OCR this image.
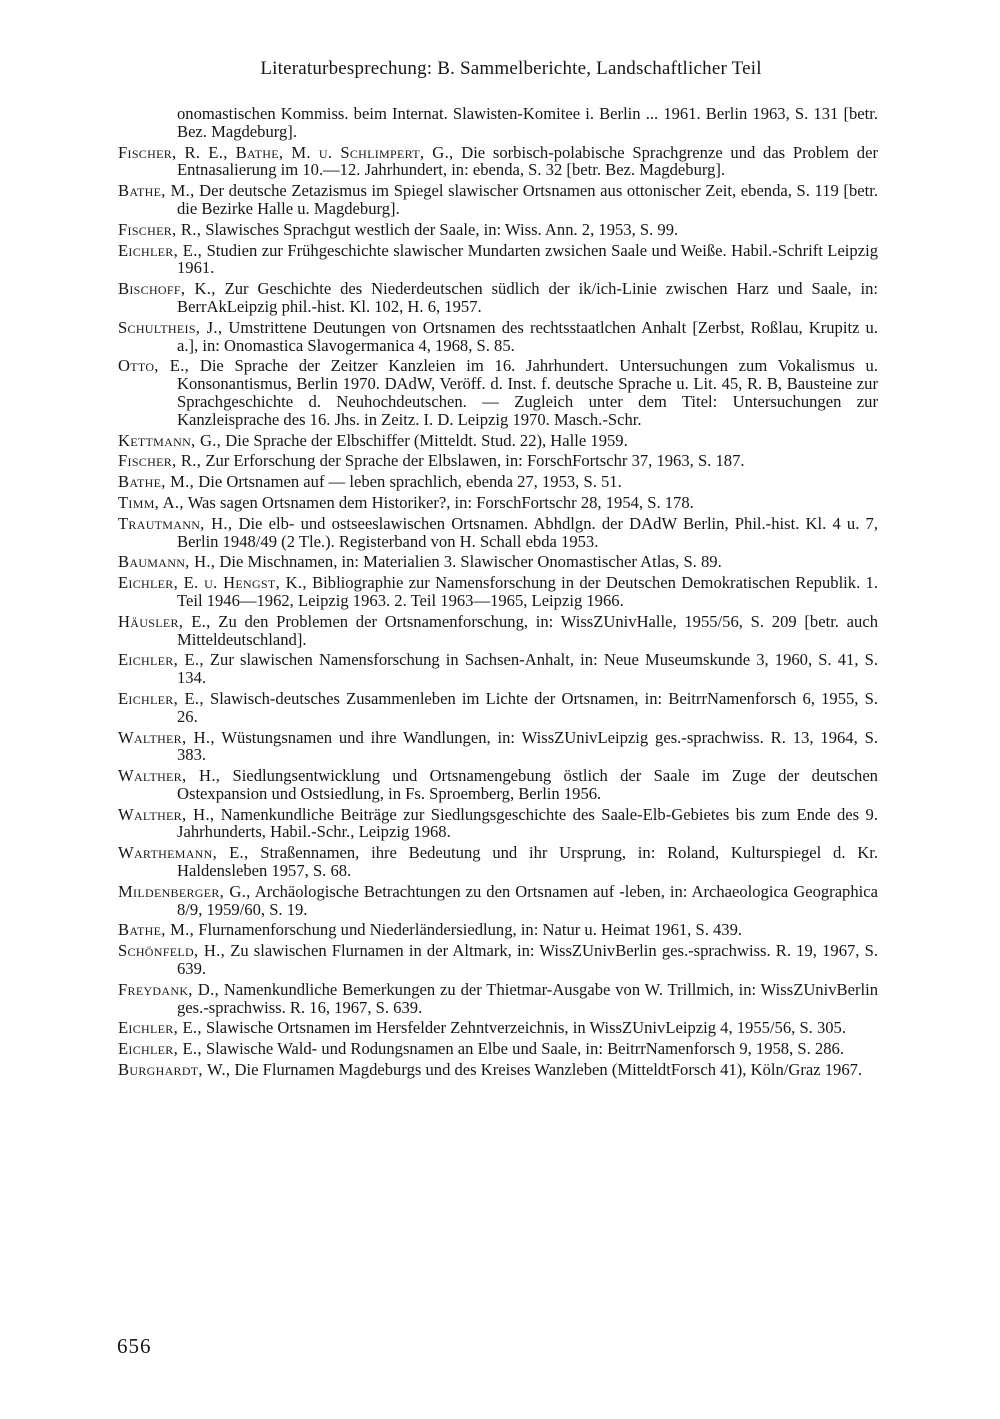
Literaturbesprechung: B. Sammelberichte, Landschaftlicher Teil
onomastischen Kommiss. beim Internat. Slawisten-Komitee i. Berlin ... 1961. Berlin 1963, S. 131 [betr. Bez. Magdeburg].
Fischer, R. E., Bathe, M. u. Schlimpert, G., Die sorbisch-polabische Sprachgrenze und das Problem der Entnasalierung im 10.—12. Jahrhundert, in: ebenda, S. 32 [betr. Bez. Magdeburg].
Bathe, M., Der deutsche Zetazismus im Spiegel slawischer Ortsnamen aus ottonischer Zeit, ebenda, S. 119 [betr. die Bezirke Halle u. Magdeburg].
Fischer, R., Slawisches Sprachgut westlich der Saale, in: Wiss. Ann. 2, 1953, S. 99.
Eichler, E., Studien zur Frühgeschichte slawischer Mundarten zwsichen Saale und Weiße. Habil.-Schrift Leipzig 1961.
Bischoff, K., Zur Geschichte des Niederdeutschen südlich der ik/ich-Linie zwischen Harz und Saale, in: BerrAkLeipzig phil.-hist. Kl. 102, H. 6, 1957.
Schultheis, J., Umstrittene Deutungen von Ortsnamen des rechtsstaatlchen Anhalt [Zerbst, Roßlau, Krupitz u. a.], in: Onomastica Slavogermanica 4, 1968, S. 85.
Otto, E., Die Sprache der Zeitzer Kanzleien im 16. Jahrhundert. Untersuchungen zum Vokalismus u. Konsonantismus, Berlin 1970. DAdW, Veröff. d. Inst. f. deutsche Sprache u. Lit. 45, R. B, Bausteine zur Sprachgeschichte d. Neuhochdeutschen. — Zugleich unter dem Titel: Untersuchungen zur Kanzleisprache des 16. Jhs. in Zeitz. I. D. Leipzig 1970. Masch.-Schr.
Kettmann, G., Die Sprache der Elbschiffer (Mitteldt. Stud. 22), Halle 1959.
Fischer, R., Zur Erforschung der Sprache der Elbslawen, in: ForschFortschr 37, 1963, S. 187.
Bathe, M., Die Ortsnamen auf — leben sprachlich, ebenda 27, 1953, S. 51.
Timm, A., Was sagen Ortsnamen dem Historiker?, in: ForschFortschr 28, 1954, S. 178.
Trautmann, H., Die elb- und ostseeslawischen Ortsnamen. Abhdlgn. der DAdW Berlin, Phil.-hist. Kl. 4 u. 7, Berlin 1948/49 (2 Tle.). Registerband von H. Schall ebda 1953.
Baumann, H., Die Mischnamen, in: Materialien 3. Slawischer Onomastischer Atlas, S. 89.
Eichler, E. u. Hengst, K., Bibliographie zur Namensforschung in der Deutschen Demokratischen Republik. 1. Teil 1946—1962, Leipzig 1963. 2. Teil 1963—1965, Leipzig 1966.
Häusler, E., Zu den Problemen der Ortsnamenforschung, in: WissZUnivHalle, 1955/56, S. 209 [betr. auch Mitteldeutschland].
Eichler, E., Zur slawischen Namensforschung in Sachsen-Anhalt, in: Neue Museumskunde 3, 1960, S. 41, S. 134.
Eichler, E., Slawisch-deutsches Zusammenleben im Lichte der Ortsnamen, in: BeitrrNamenforsch 6, 1955, S. 26.
Walther, H., Wüstungsnamen und ihre Wandlungen, in: WissZUnivLeipzig ges.-sprachwiss. R. 13, 1964, S. 383.
Walther, H., Siedlungsentwicklung und Ortsnamengebung östlich der Saale im Zuge der deutschen Ostexpansion und Ostsiedlung, in Fs. Sproemberg, Berlin 1956.
Walther, H., Namenkundliche Beiträge zur Siedlungsgeschichte des Saale-Elb-Gebietes bis zum Ende des 9. Jahrhunderts, Habil.-Schr., Leipzig 1968.
Warthemann, E., Straßennamen, ihre Bedeutung und ihr Ursprung, in: Roland, Kulturspiegel d. Kr. Haldensleben 1957, S. 68.
Mildenberger, G., Archäologische Betrachtungen zu den Ortsnamen auf -leben, in: Archaeologica Geographica 8/9, 1959/60, S. 19.
Bathe, M., Flurnamenforschung und Niederländersiedlung, in: Natur u. Heimat 1961, S. 439.
Schönfeld, H., Zu slawischen Flurnamen in der Altmark, in: WissZUnivBerlin ges.-sprachwiss. R. 19, 1967, S. 639.
Freydank, D., Namenkundliche Bemerkungen zu der Thietmar-Ausgabe von W. Trillmich, in: WissZUnivBerlin ges.-sprachwiss. R. 16, 1967, S. 639.
Eichler, E., Slawische Ortsnamen im Hersfelder Zehntverzeichnis, in WissZUnivLeipzig 4, 1955/56, S. 305.
Eichler, E., Slawische Wald- und Rodungsnamen an Elbe und Saale, in: BeitrrNamenforsch 9, 1958, S. 286.
Burghardt, W., Die Flurnamen Magdeburgs und des Kreises Wanzleben (MitteldtForsch 41), Köln/Graz 1967.
656
